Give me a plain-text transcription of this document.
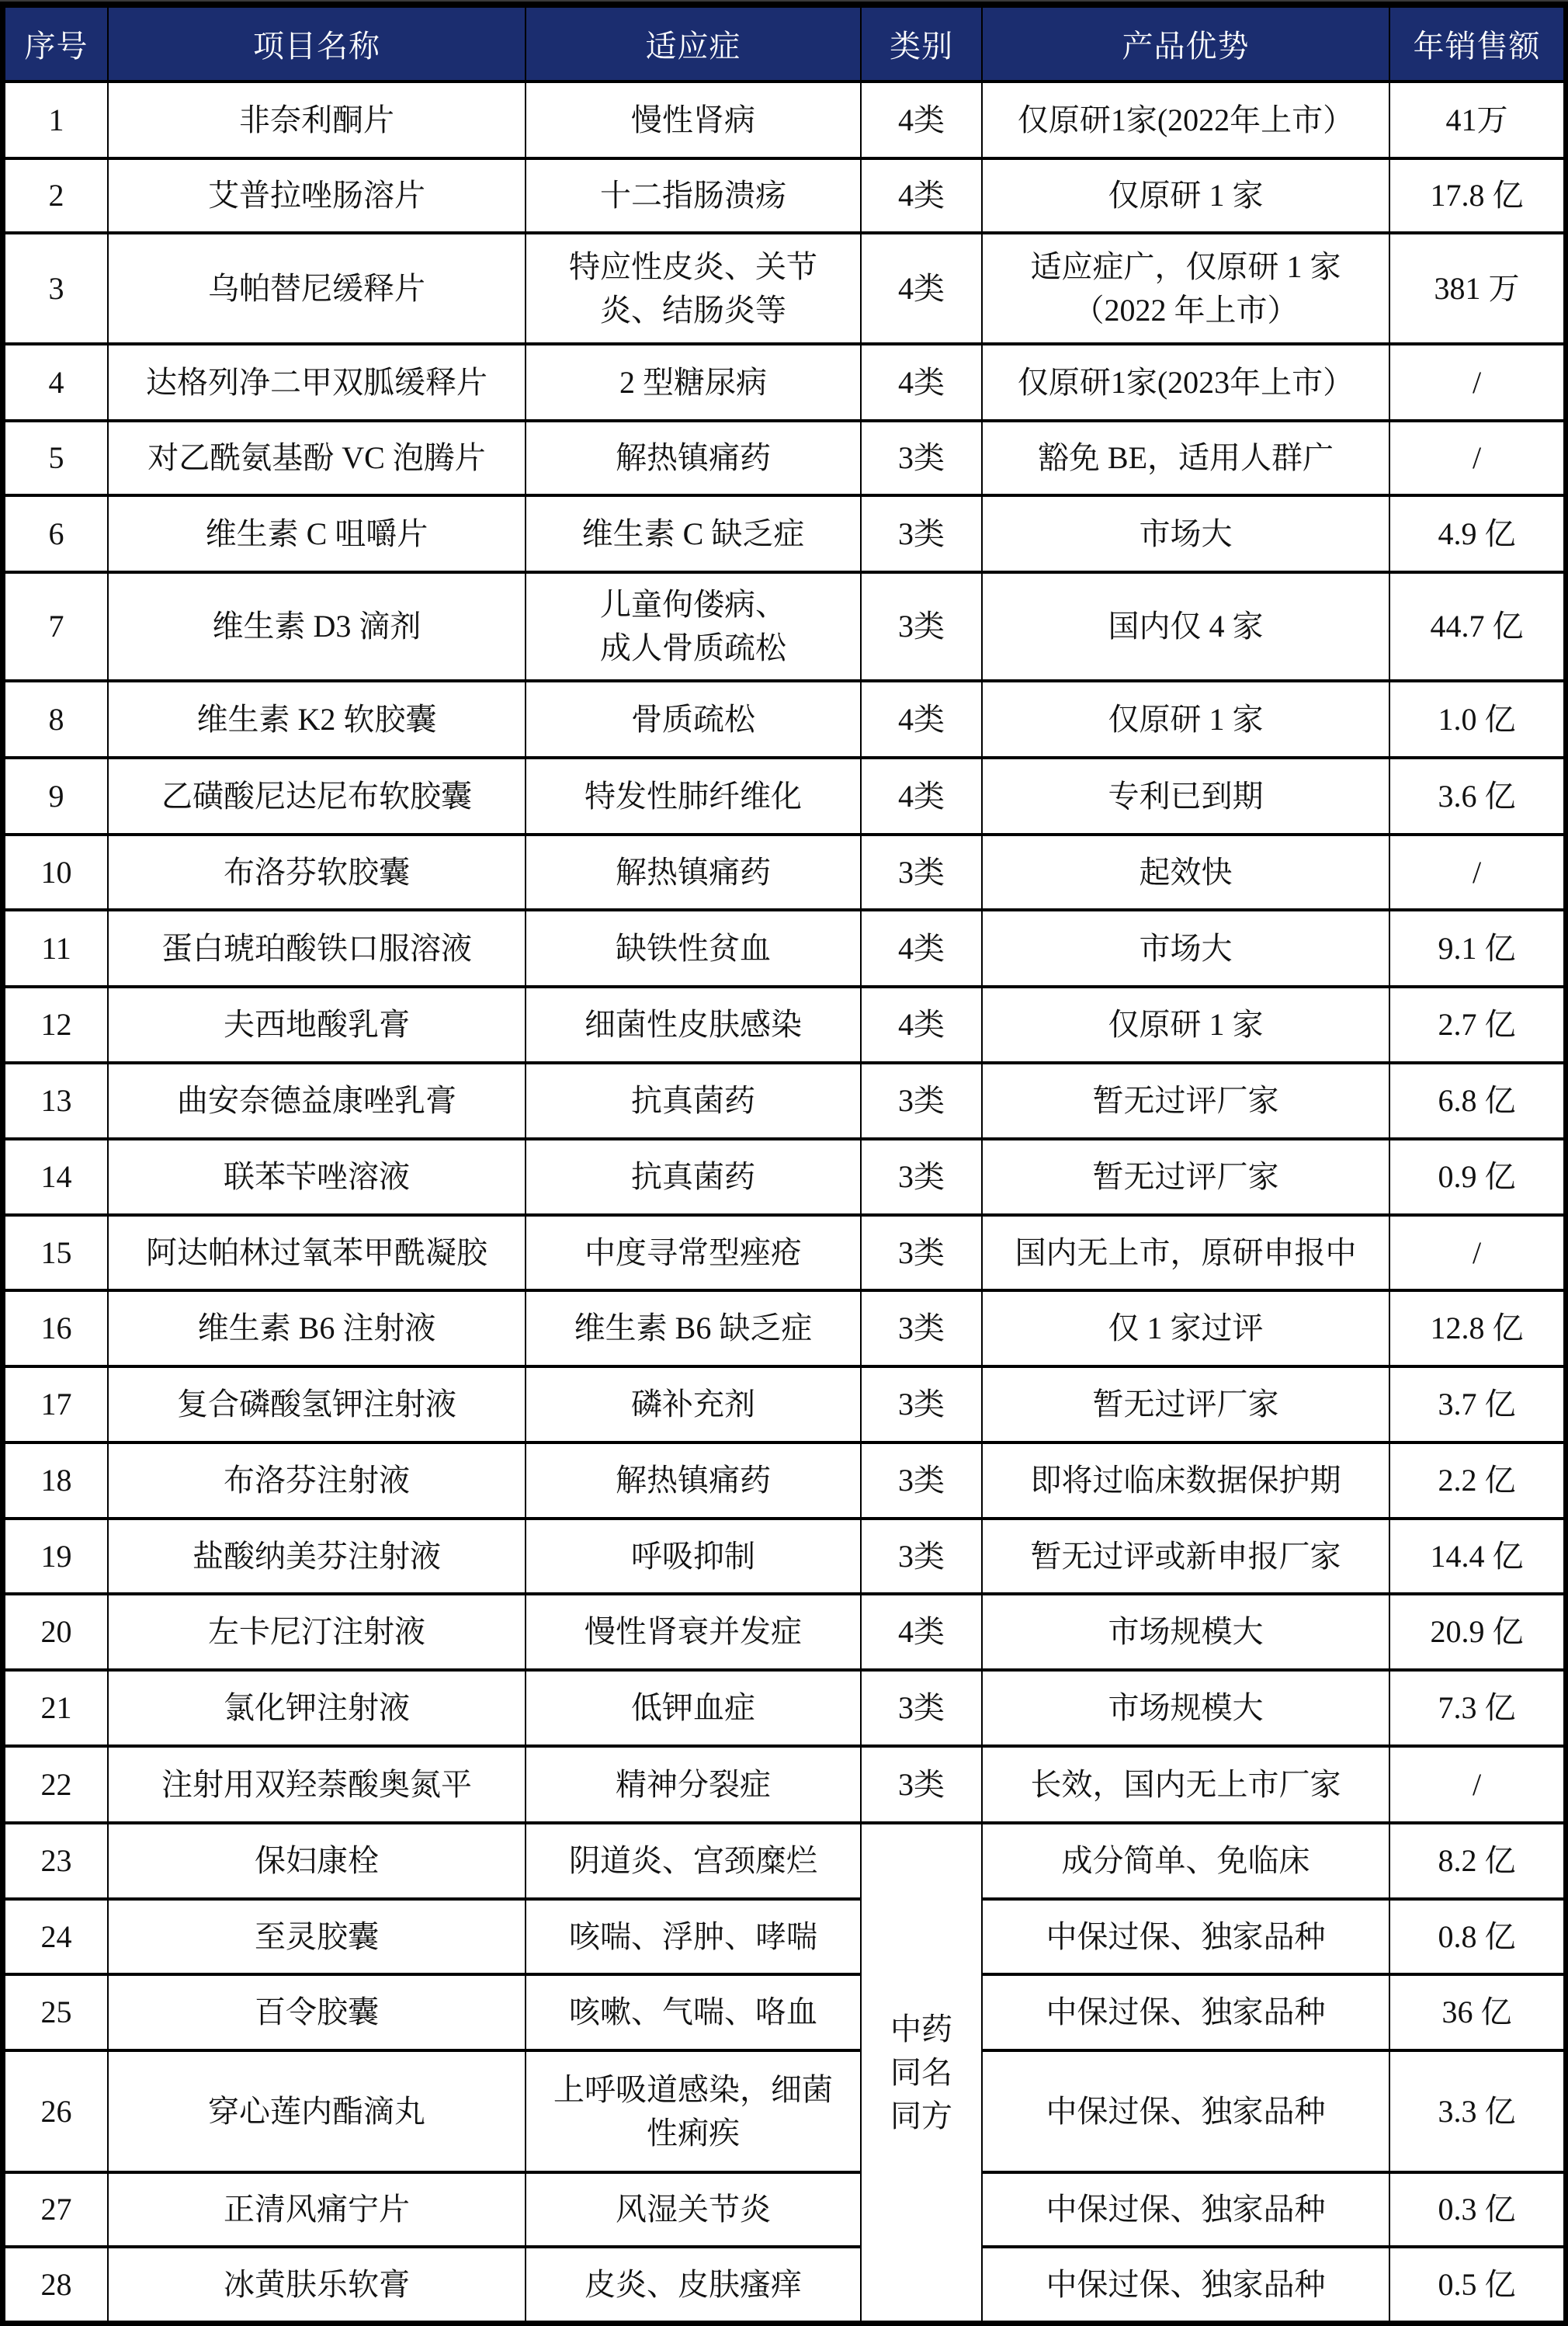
序号	项目名称	适应症	类别	产品优势	年销售额
1	非奈利酮片	慢性肾病	4类	仅原研1家(2022年上市）	41万
2	艾普拉唑肠溶片	十二指肠溃疡	4类	仅原研 1 家	17.8 亿
3	乌帕替尼缓释片	特应性皮炎、关节
炎、结肠炎等	4类	适应症广，仅原研 1 家
（2022 年上市）	381 万
4	达格列净二甲双胍缓释片	2 型糖尿病	4类	仅原研1家(2023年上市）	/
5	对乙酰氨基酚 VC 泡腾片	解热镇痛药	3类	豁免 BE，适用人群广	/
6	维生素 C 咀嚼片	维生素 C 缺乏症	3类	市场大	4.9 亿
7	维生素 D3 滴剂	儿童佝偻病、
成人骨质疏松	3类	国内仅 4 家	44.7 亿
8	维生素 K2 软胶囊	骨质疏松	4类	仅原研 1 家	1.0 亿
9	乙磺酸尼达尼布软胶囊	特发性肺纤维化	4类	专利已到期	3.6 亿
10	布洛芬软胶囊	解热镇痛药	3类	起效快	/
11	蛋白琥珀酸铁口服溶液	缺铁性贫血	4类	市场大	9.1 亿
12	夫西地酸乳膏	细菌性皮肤感染	4类	仅原研 1 家	2.7 亿
13	曲安奈德益康唑乳膏	抗真菌药	3类	暂无过评厂家	6.8 亿
14	联苯苄唑溶液	抗真菌药	3类	暂无过评厂家	0.9 亿
15	阿达帕林过氧苯甲酰凝胶	中度寻常型痤疮	3类	国内无上市，原研申报中	/
16	维生素 B6 注射液	维生素 B6 缺乏症	3类	仅 1 家过评	12.8 亿
17	复合磷酸氢钾注射液	磷补充剂	3类	暂无过评厂家	3.7 亿
18	布洛芬注射液	解热镇痛药	3类	即将过临床数据保护期	2.2 亿
19	盐酸纳美芬注射液	呼吸抑制	3类	暂无过评或新申报厂家	14.4 亿
20	左卡尼汀注射液	慢性肾衰并发症	4类	市场规模大	20.9 亿
21	氯化钾注射液	低钾血症	3类	市场规模大	7.3 亿
22	注射用双羟萘酸奥氮平	精神分裂症	3类	长效，国内无上市厂家	/
23	保妇康栓	阴道炎、宫颈糜烂	中药
同名
同方	成分简单、免临床	8.2 亿
24	至灵胶囊	咳喘、浮肿、哮喘		中保过保、独家品种	0.8 亿
25	百令胶囊	咳嗽、气喘、咯血		中保过保、独家品种	36 亿
26	穿心莲内酯滴丸	上呼吸道感染，细菌
性痢疾		中保过保、独家品种	3.3 亿
27	正清风痛宁片	风湿关节炎		中保过保、独家品种	0.3 亿
28	冰黄肤乐软膏	皮炎、皮肤瘙痒		中保过保、独家品种	0.5 亿
